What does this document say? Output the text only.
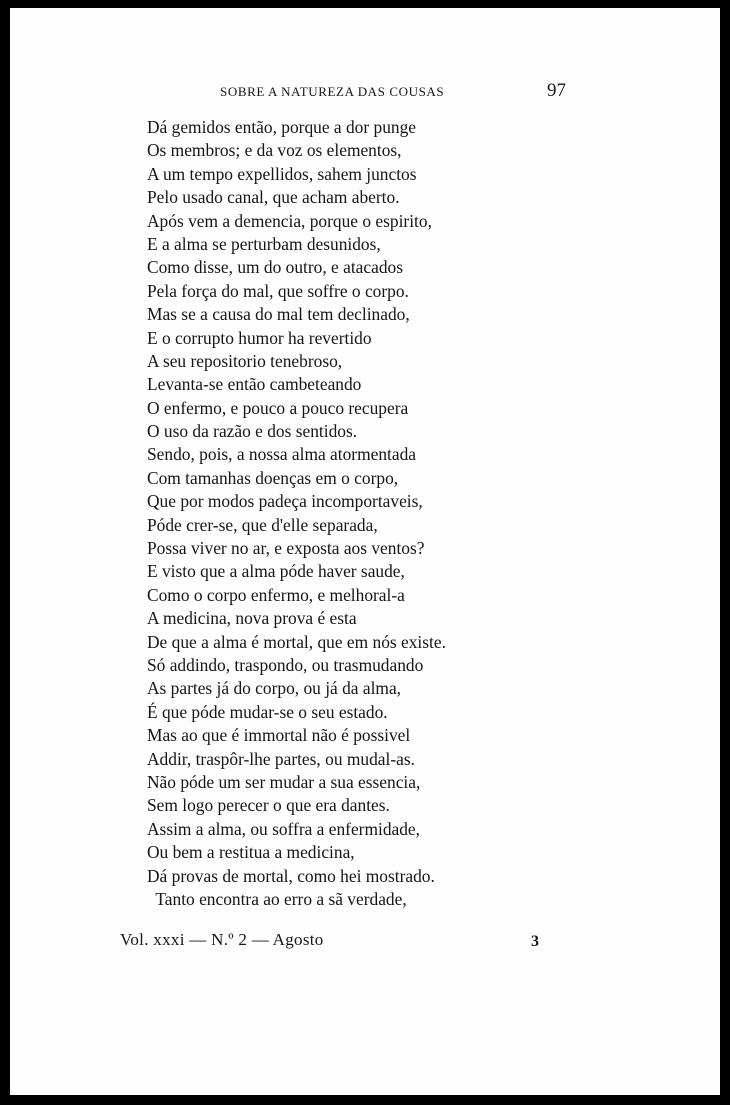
SOBRE A NATUREZA DAS COUSAS	97
Dá gemidos então, porque a dor punge
Os membros; e da voz os elementos,
A um tempo expellidos, sahem junctos
Pelo usado canal, que acham aberto.
Após vem a demencia, porque o espirito,
E a alma se perturbam desunidos,
Como disse, um do outro, e atacados
Pela força do mal, que soffre o corpo.
Mas se a causa do mal tem declinado,
E o corrupto humor ha revertido
A seu repositorio tenebroso,
Levanta-se então cambeteando
O enfermo, e pouco a pouco recupera
O uso da razão e dos sentidos.
Sendo, pois, a nossa alma atormentada
Com tamanhas doenças em o corpo,
Que por modos padeça incomportaveis,
Póde crer-se, que d'elle separada,
Possa viver no ar, e exposta aos ventos?
E visto que a alma póde haver saude,
Como o corpo enfermo, e melhoral-a
A medicina, nova prova é esta
De que a alma é mortal, que em nós existe.
Só addindo, traspondo, ou trasmudando
As partes já do corpo, ou já da alma,
É que póde mudar-se o seu estado.
Mas ao que é immortal não é possivel
Addir, traspôr-lhe partes, ou mudal-as.
Não póde um ser mudar a sua essencia,
Sem logo perecer o que era dantes.
Assim a alma, ou soffra a enfermidade,
Ou bem a restitua a medicina,
Dá provas de mortal, como hei mostrado.
Tanto encontra ao erro a sã verdade,
Vol. xxxi — N.º 2 — Agosto	3
